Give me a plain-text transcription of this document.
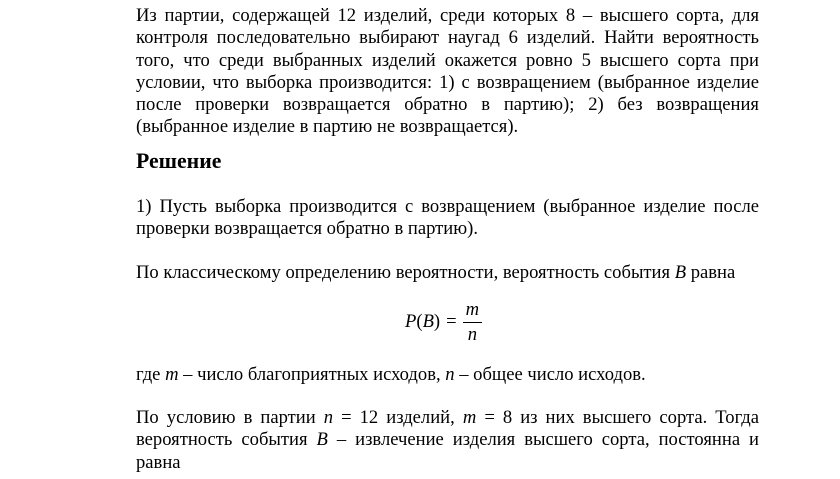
Из партии, содержащей 12 изделий, среди которых 8 – высшего сорта, для
контроля последовательно выбирают наугад 6 изделий. Найти вероятность
того, что среди выбранных изделий окажется ровно 5 высшего сорта при
условии, что выборка производится: 1) с возвращением (выбранное изделие
после проверки возвращается обратно в партию); 2) без возвращения
(выбранное изделие в партию не возвращается).
Решение
1) Пусть выборка производится с возвращением (выбранное изделие после
проверки возвращается обратно в партию).
По классическому определению вероятности, вероятность события B равна
$P(B) = \frac{m}{n}$
где m – число благоприятных исходов, n – общее число исходов.
По условию в партии n = 12 изделий, m = 8 из них высшего сорта. Тогда
вероятность события B – извлечение изделия высшего сорта, постоянна и
равна
